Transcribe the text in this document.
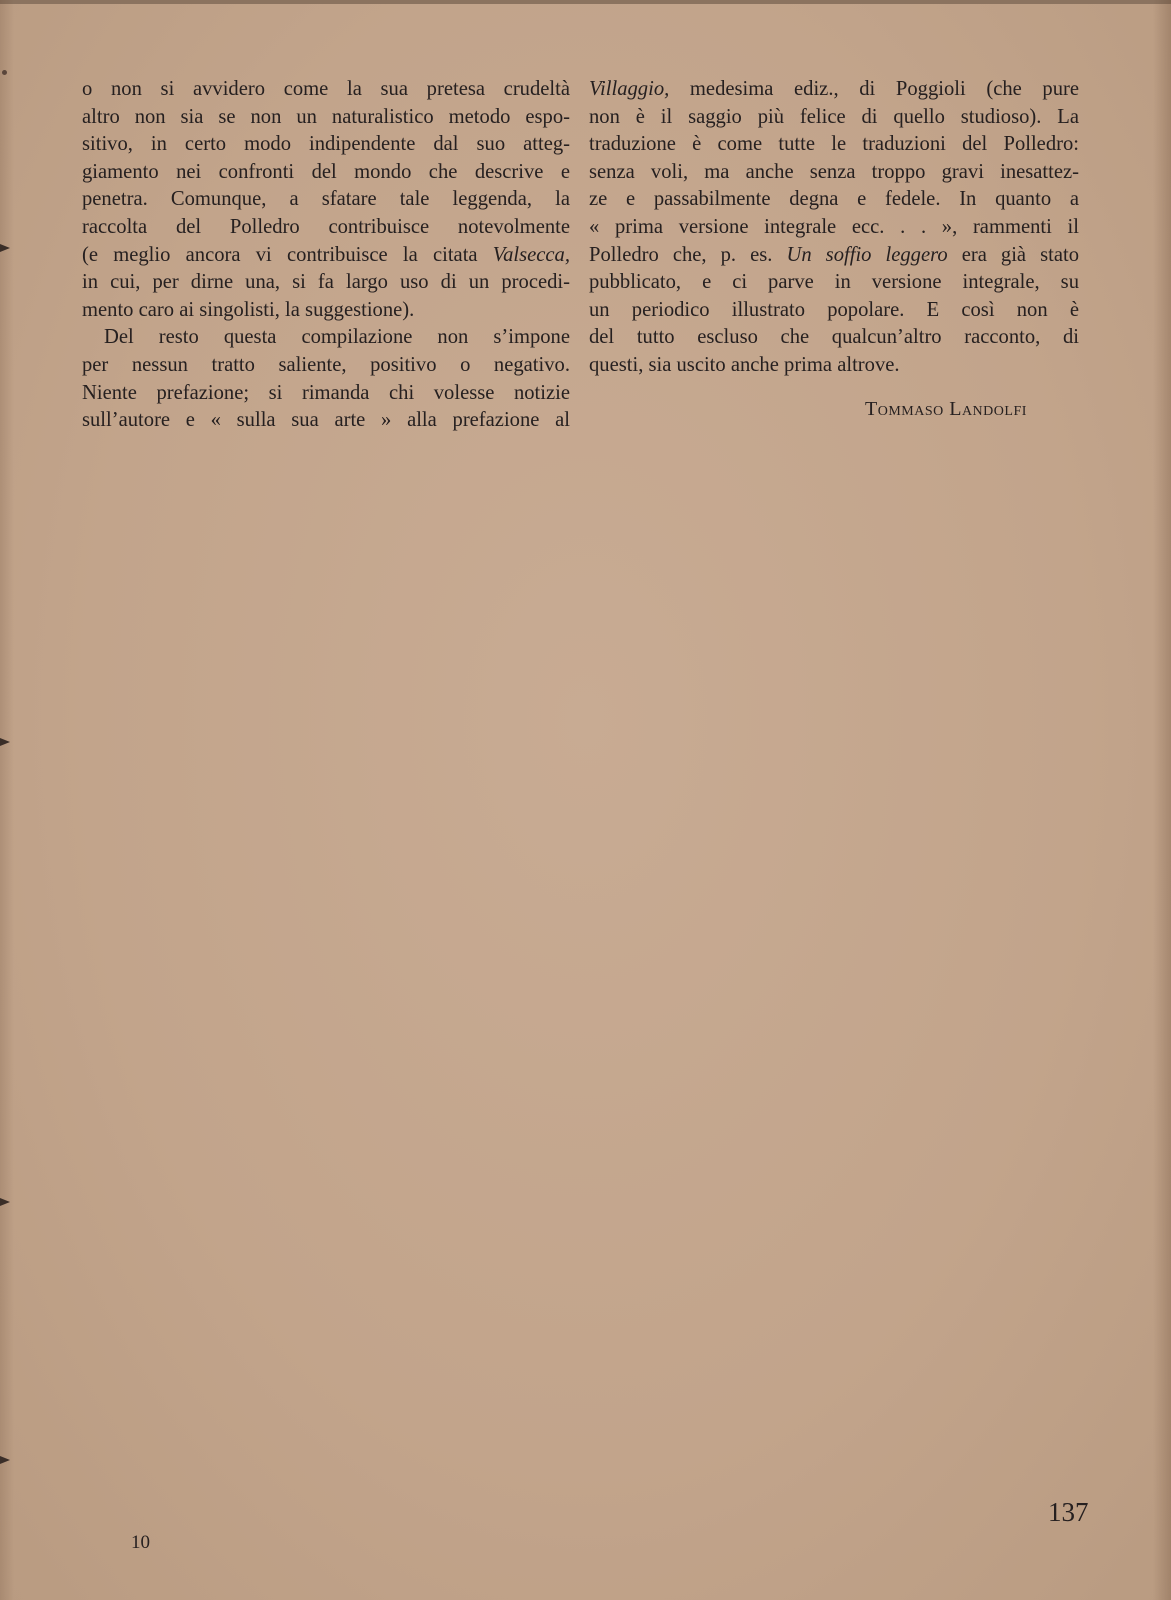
o non si avvidero come la sua pretesa crudeltà
altro non sia se non un naturalistico metodo espo-
sitivo, in certo modo indipendente dal suo atteg-
giamento nei confronti del mondo che descrive e
penetra. Comunque, a sfatare tale leggenda, la
raccolta del Polledro contribuisce notevolmente
(e meglio ancora vi contribuisce la citata Valsecca,
in cui, per dirne una, si fa largo uso di un procedi-
mento caro ai singolisti, la suggestione).
Del resto questa compilazione non s’impone
per nessun tratto saliente, positivo o negativo.
Niente prefazione; si rimanda chi volesse notizie
sull’autore e « sulla sua arte » alla prefazione al
Villaggio, medesima ediz., di Poggioli (che pure
non è il saggio più felice di quello studioso). La
traduzione è come tutte le traduzioni del Polledro:
senza voli, ma anche senza troppo gravi inesattez-
ze e passabilmente degna e fedele. In quanto a
« prima versione integrale ecc. . . », rammenti il
Polledro che, p. es. Un soffio leggero era già stato
pubblicato, e ci parve in versione integrale, su
un periodico illustrato popolare. E così non è
del tutto escluso che qualcun’altro racconto, di
questi, sia uscito anche prima altrove.
Tommaso Landolfi
10
137
